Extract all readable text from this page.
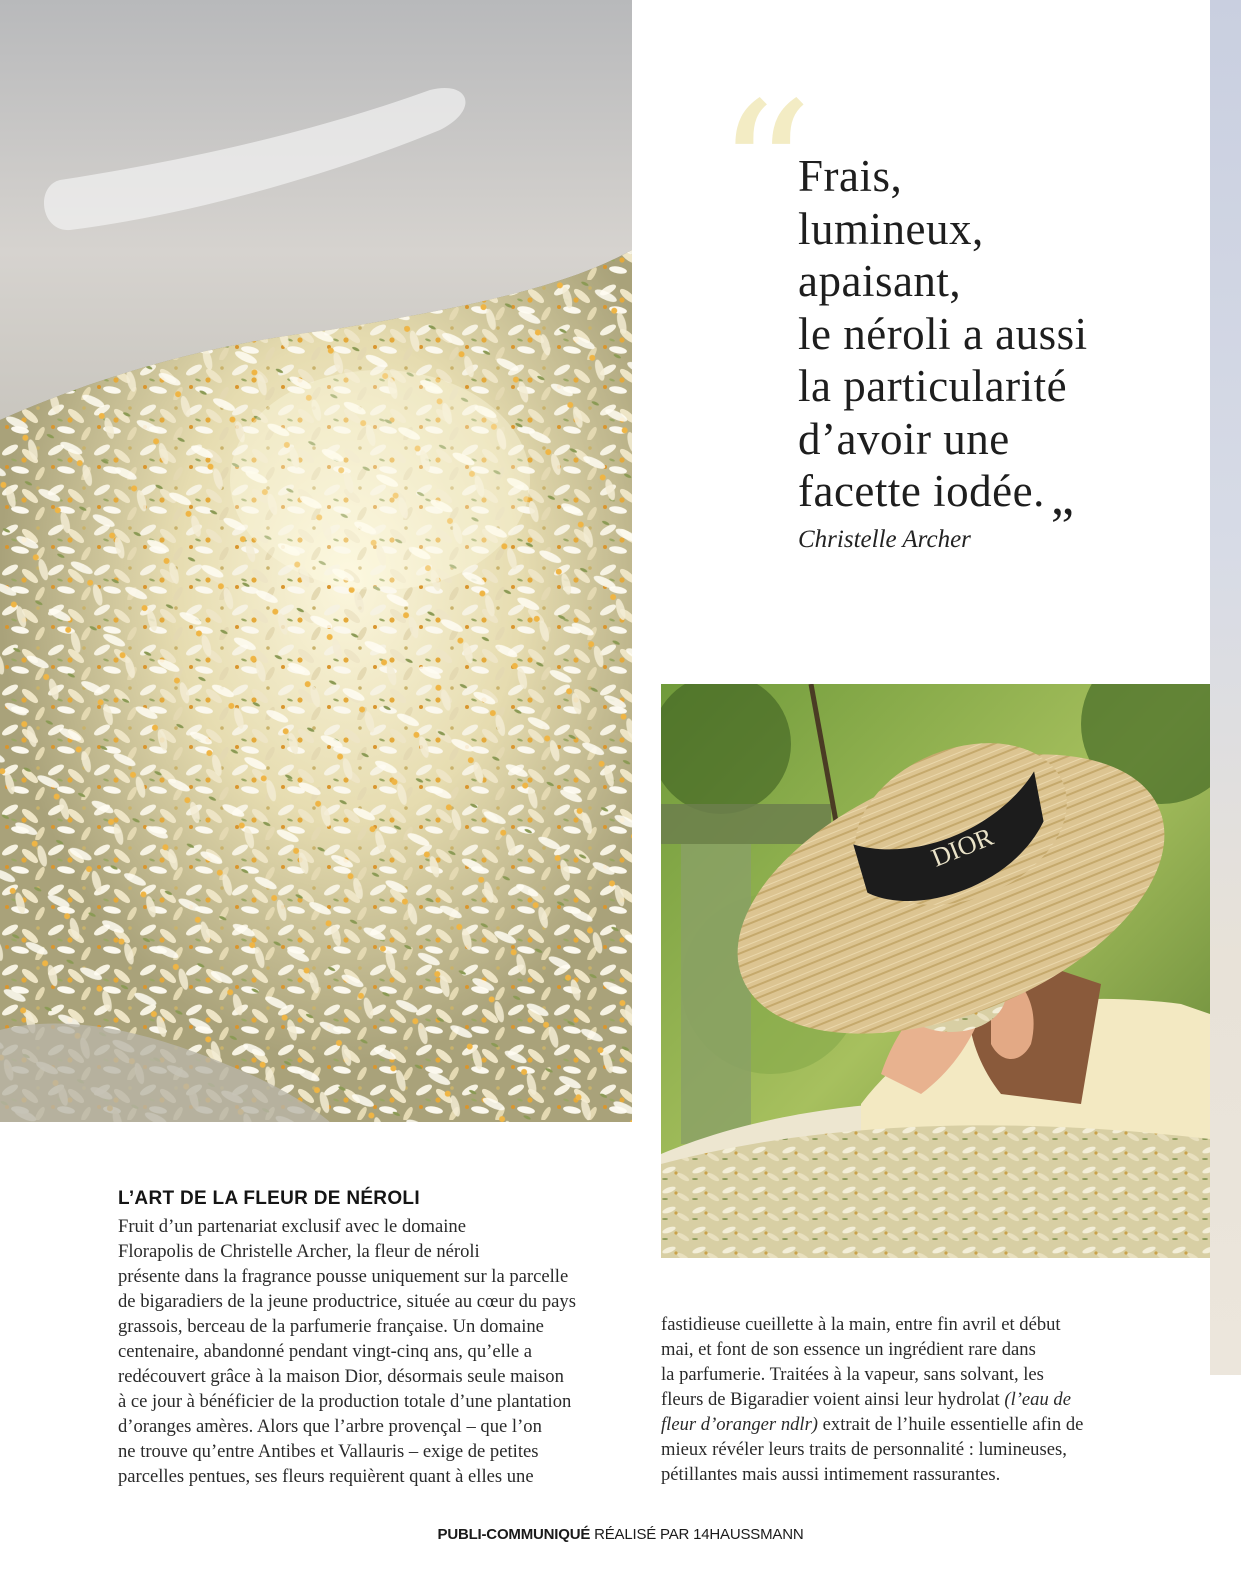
“ Frais,
lumineux,
apaisant,
le néroli a aussi
la particularité
d’avoir une
facette iodée. „

Christelle Archer

DIOR
L’ART DE LA FLEUR DE NÉROLI

Fruit d’un partenariat exclusif avec le domaine
Florapolis de Christelle Archer, la fleur de néroli
présente dans la fragrance pousse uniquement sur la parcelle
de bigaradiers de la jeune productrice, située au cœur du pays
grassois, berceau de la parfumerie française. Un domaine
centenaire, abandonné pendant vingt-cinq ans, qu’elle a
redécouvert grâce à la maison Dior, désormais seule maison
à ce jour à bénéficier de la production totale d’une plantation
d’oranges amères. Alors que l’arbre provençal – que l’on
ne trouve qu’entre Antibes et Vallauris – exige de petites
parcelles pentues, ses fleurs requièrent quant à elles une

fastidieuse cueillette à la main, entre fin avril et début
mai, et font de son essence un ingrédient rare dans
la parfumerie. Traitées à la vapeur, sans solvant, les
fleurs de Bigaradier voient ainsi leur hydrolat (l’eau de
fleur d’oranger ndlr) extrait de l’huile essentielle afin de
mieux révéler leurs traits de personnalité : lumineuses,
pétillantes mais aussi intimement rassurantes.

PUBLI-COMMUNIQUÉ RÉALISÉ PAR 14HAUSSMANN
